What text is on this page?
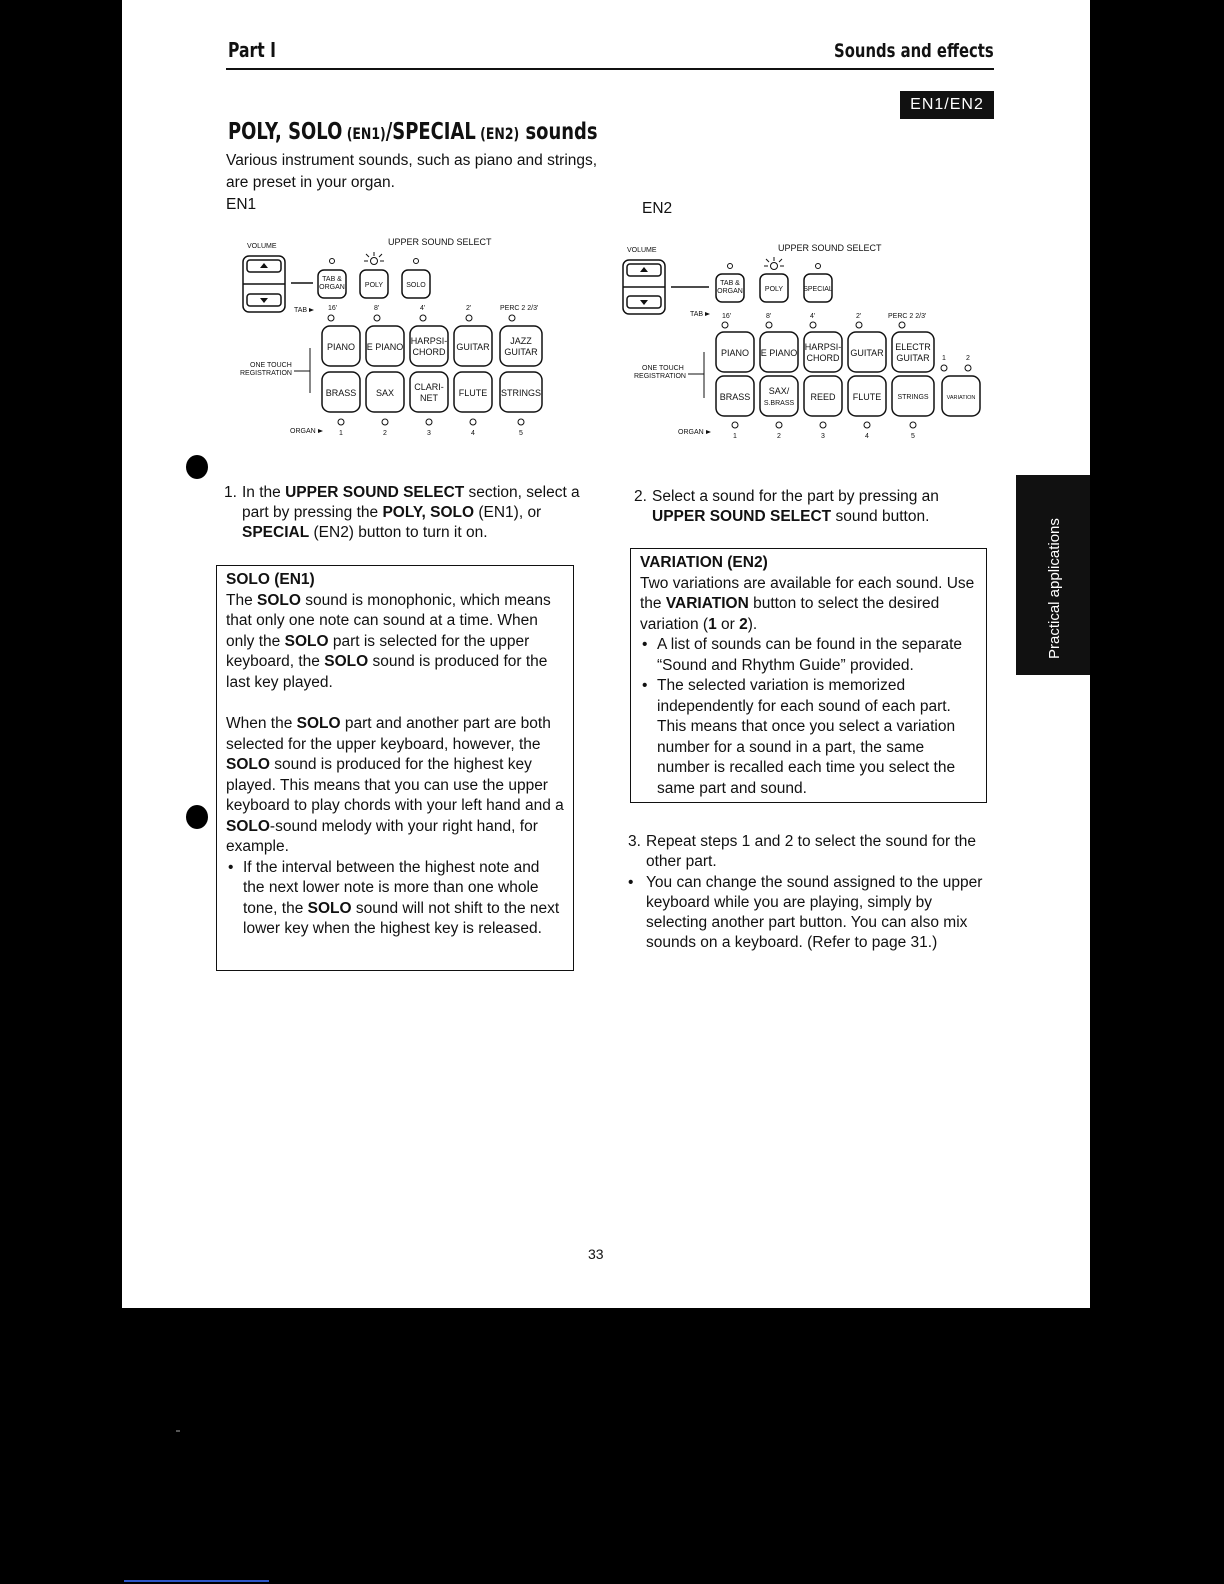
Part I	Sounds and effects
EN1/EN2
POLY, SOLO (EN1)/SPECIAL (EN2) sounds
Various instrument sounds, such as piano and strings, are preset in your organ.
EN1	EN2
VOLUME	UPPER SOUND SELECT
TAB &
ORGAN	POLY	SOLO
TAB	16'	8'	4'	2'	PERC 2 2/3'
ONE TOUCH
REGISTRATION
PIANO E PIANO
HARPSI-
CHORD GUITAR
JAZZ
GUITAR
BRASS SAX
CLARI-
NET FLUTE STRINGS
ORGAN	1	2	3	4	5
VOLUME	UPPER SOUND SELECT
TAB &
ORGAN	POLY	SPECIAL
TAB	16'	8'	4'	2'	PERC 2 2/3'
ONE TOUCH
REGISTRATION
PIANO E PIANO
HARPSI-
CHORD GUITAR
ELECTR
GUITAR
BRASS
SAX/
S.BRASS
REED FLUTE STRINGS	VARIATION
1	2
ORGAN
1	2	3	4	5
1. In the UPPER SOUND SELECT section, select a part by pressing the POLY, SOLO (EN1), or SPECIAL (EN2) button to turn it on.
SOLO (EN1)

The SOLO sound is monophonic, which means that only one note can sound at a time. When only the SOLO part is selected for the upper keyboard, the SOLO sound is produced for the last key played.

When the SOLO part and another part are both selected for the upper keyboard, however, the SOLO sound is produced for the highest key played. This means that you can use the upper keyboard to play chords with your left hand and a SOLO-sound melody with your right hand, for example.

• If the interval between the highest note and the next lower note is more than one whole tone, the SOLO sound will not shift to the next lower key when the highest key is released.

2. Select a sound for the part by pressing an UPPER SOUND SELECT sound button.
VARIATION (EN2)

Two variations are available for each sound. Use the VARIATION button to select the desired variation (1 or 2).

• A list of sounds can be found in the separate “Sound and Rhythm Guide” provided.

• The selected variation is memorized independently for each sound of each part. This means that once you select a variation number for a sound in a part, the same number is recalled each time you select the same part and sound.

3. Repeat steps 1 and 2 to select the sound for the other part.
• You can change the sound assigned to the upper keyboard while you are playing, simply by selecting another part button. You can also mix sounds on a keyboard. (Refer to page 31.)
33
Practical applications
